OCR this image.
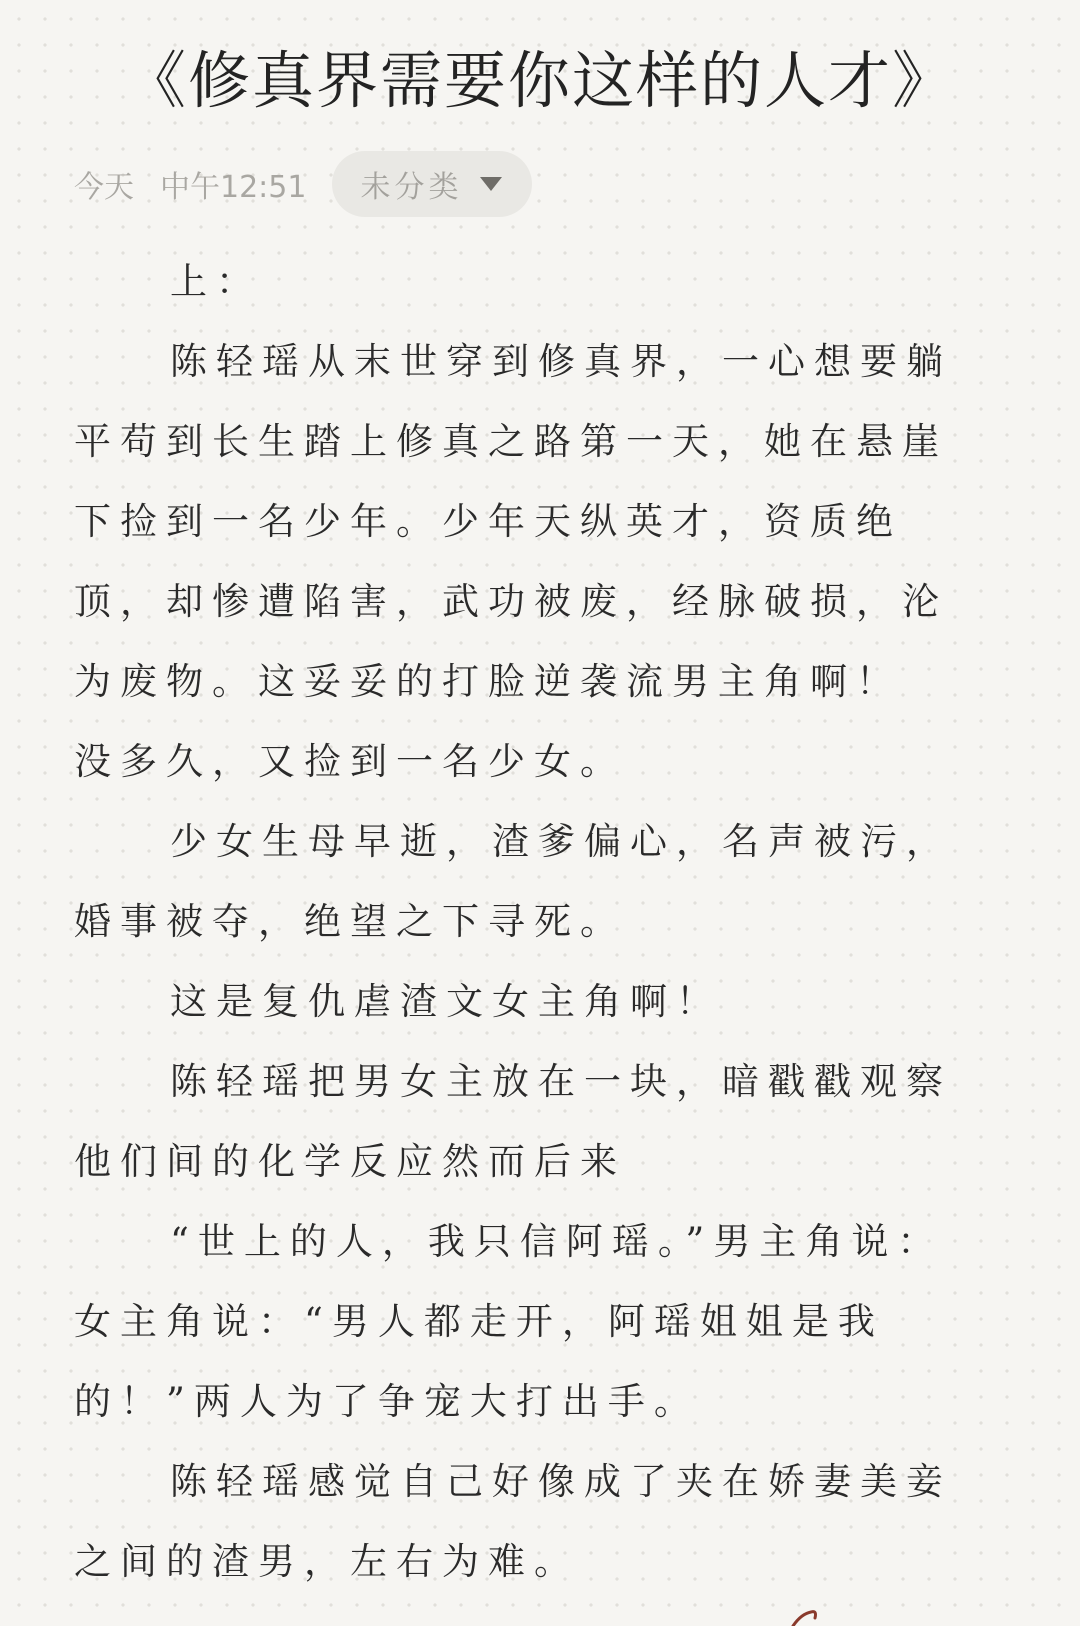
《修真界需要你这样的人才》
今天 中午12:51 未分类
上：
陈轻瑶从末世穿到修真界，一心想要躺
平苟到长生踏上修真之路第一天，她在悬崖
下捡到一名少年。少年天纵英才，资质绝
顶，却惨遭陷害，武功被废，经脉破损，沦
为废物。这妥妥的打脸逆袭流男主角啊！
没多久，又捡到一名少女。
少女生母早逝，渣爹偏心，名声被污，
婚事被夺，绝望之下寻死。
这是复仇虐渣文女主角啊！
陈轻瑶把男女主放在一块，暗戳戳观察
他们间的化学反应然而后来
“世上的人，我只信阿瑶。”男主角说：
女主角说：“男人都走开，阿瑶姐姐是我
的！”两人为了争宠大打出手。
陈轻瑶感觉自己好像成了夹在娇妻美妾
之间的渣男，左右为难。
